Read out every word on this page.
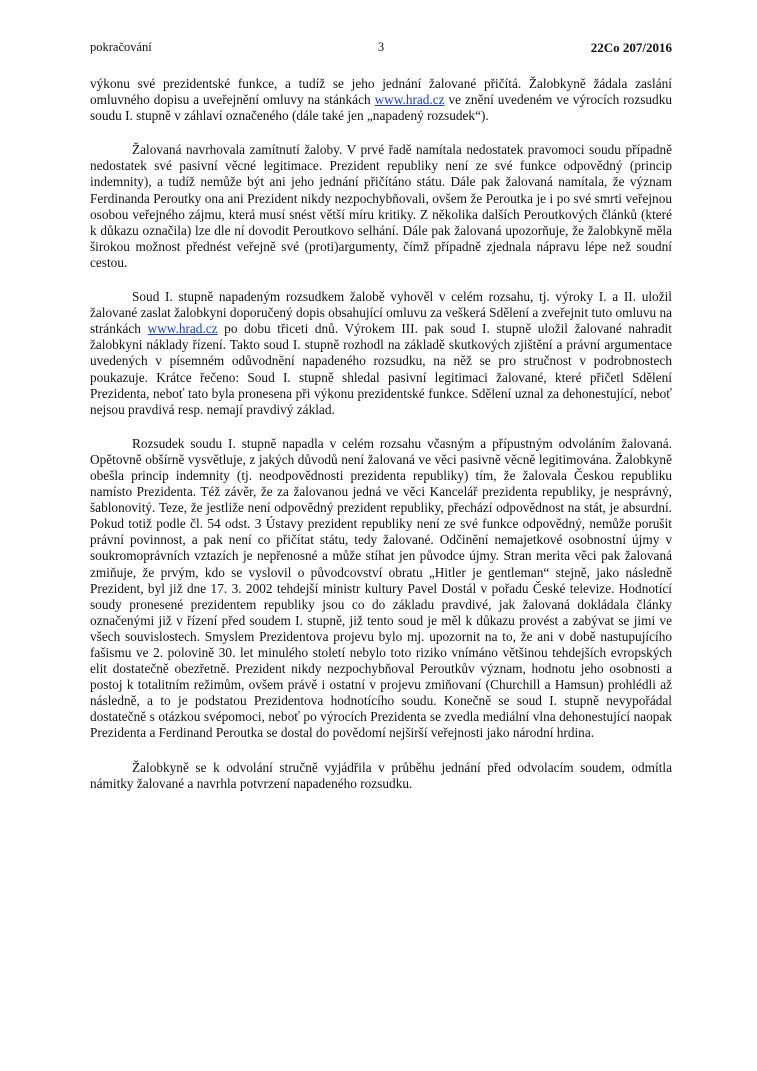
pokračování	3	22Co 207/2016

výkonu své prezidentské funkce, a tudíž se jeho jednání žalované přičítá. Žalobkyně žádala zaslání omluvného dopisu a uveřejnění omluvy na stánkách www.hrad.cz ve znění uvedeném ve výrocích rozsudku soudu I. stupně v záhlaví označeného (dále také jen „napadený rozsudek“).

Žalovaná navrhovala zamítnutí žaloby. V prvé řadě namítala nedostatek pravomoci soudu případně nedostatek své pasivní věcné legitimace. Prezident republiky není ze své funkce odpovědný (princip indemnity), a tudíž nemůže být ani jeho jednání přičítáno státu. Dále pak žalovaná namítala, že význam Ferdinanda Peroutky ona ani Prezident nikdy nezpochybňovali, ovšem že Peroutka je i po své smrti veřejnou osobou veřejného zájmu, která musí snést větší míru kritiky. Z několika dalších Peroutkových článků (které k důkazu označila) lze dle ní dovodit Peroutkovo selhání. Dále pak žalovaná upozorňuje, že žalobkyně měla širokou možnost přednést veřejně své (proti)argumenty, čímž případně zjednala nápravu lépe než soudní cestou.

Soud I. stupně napadeným rozsudkem žalobě vyhověl v celém rozsahu, tj. výroky I. a II. uložil žalované zaslat žalobkyni doporučený dopis obsahující omluvu za veškerá Sdělení a zveřejnit tuto omluvu na stránkách www.hrad.cz po dobu třiceti dnů. Výrokem III. pak soud I. stupně uložil žalované nahradit žalobkyni náklady řízení. Takto soud I. stupně rozhodl na základě skutkových zjištění a právní argumentace uvedených v písemném odůvodnění napadeného rozsudku, na něž se pro stručnost v podrobnostech poukazuje. Krátce řečeno: Soud I. stupně shledal pasivní legitimaci žalované, které přičetl Sdělení Prezidenta, neboť tato byla pronesena při výkonu prezidentské funkce. Sdělení uznal za dehonestující, neboť nejsou pravdivá resp. nemají pravdivý základ.

Rozsudek soudu I. stupně napadla v celém rozsahu včasným a přípustným odvoláním žalovaná. Opětovně obšírně vysvětluje, z jakých důvodů není žalovaná ve věci pasivně věcně legitimována. Žalobkyně obešla princip indemnity (tj. neodpovědnosti prezidenta republiky) tím, že žalovala Českou republiku namísto Prezidenta. Též závěr, že za žalovanou jedná ve věci Kancelář prezidenta republiky, je nesprávný, šablonovitý. Teze, že jestliže není odpovědný prezident republiky, přechází odpovědnost na stát, je absurdní. Pokud totiž podle čl. 54 odst. 3 Ústavy prezident republiky není ze své funkce odpovědný, nemůže porušit právní povinnost, a pak není co přičítat státu, tedy žalované. Odčinění nemajetkové osobnostní újmy v soukromoprávních vztazích je nepřenosné a může stíhat jen původce újmy. Stran merita věci pak žalovaná zmiňuje, že prvým, kdo se vyslovil o původcovství obratu „Hitler je gentleman“ stejně, jako následně Prezident, byl již dne 17. 3. 2002 tehdejší ministr kultury Pavel Dostál v pořadu České televize. Hodnotící soudy pronesené prezidentem republiky jsou co do základu pravdivé, jak žalovaná dokládala články označenými již v řízení před soudem I. stupně, již tento soud je měl k důkazu provést a zabývat se jimi ve všech souvislostech. Smyslem Prezidentova projevu bylo mj. upozornit na to, že ani v době nastupujícího fašismu ve 2. polovině 30. let minulého století nebylo toto riziko vnímáno většinou tehdejších evropských elit dostatečně obezřetně. Prezident nikdy nezpochybňoval Peroutkův význam, hodnotu jeho osobnosti a postoj k totalitním režimům, ovšem právě i ostatní v projevu zmiňovaní (Churchill a Hamsun) prohlédli až následně, a to je podstatou Prezidentova hodnotícího soudu. Konečně se soud I. stupně nevypořádal dostatečně s otázkou svépomoci, neboť po výrocích Prezidenta se zvedla mediální vlna dehonestující naopak Prezidenta a Ferdinand Peroutka se dostal do povědomí nejširší veřejnosti jako národní hrdina.

Žalobkyně se k odvolání stručně vyjádřila v průběhu jednání před odvolacím soudem, odmítla námitky žalované a navrhla potvrzení napadeného rozsudku.
